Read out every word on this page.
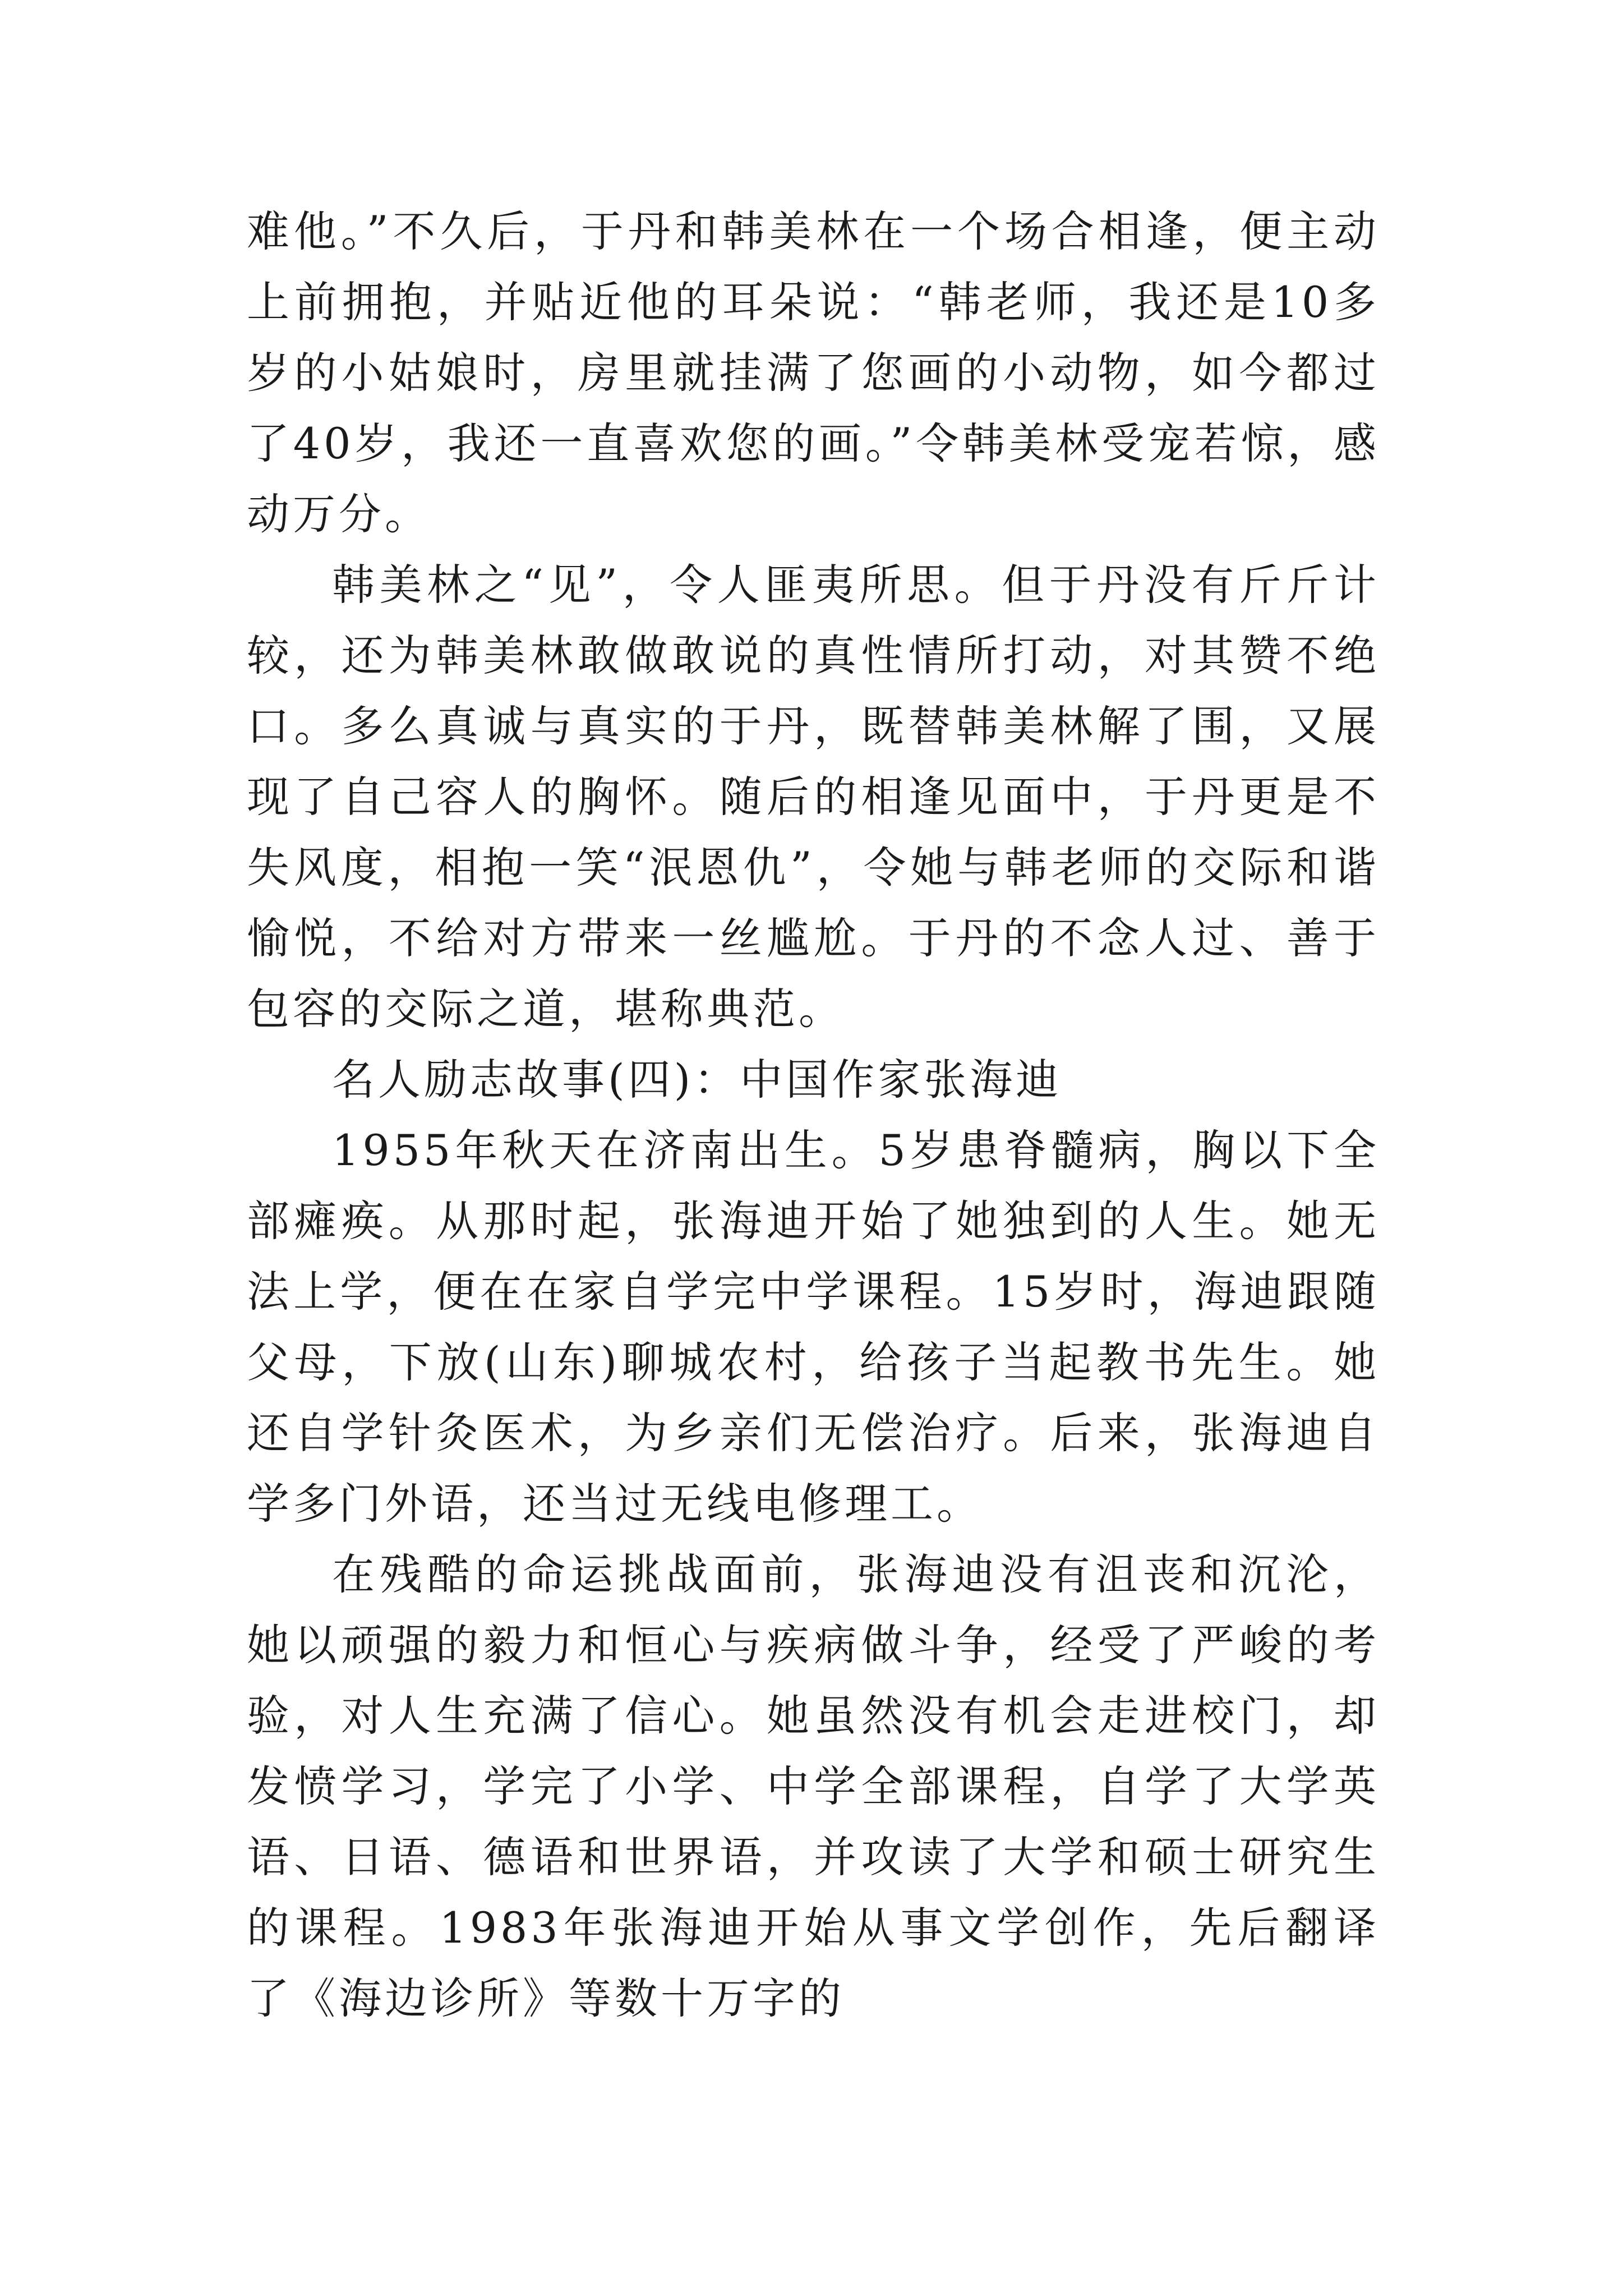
难他。”不久后，于丹和韩美林在一个场合相逢，便主动上前拥抱，并贴近他的耳朵说：“韩老师，我还是10多岁的小姑娘时，房里就挂满了您画的小动物，如今都过了40岁，我还一直喜欢您的画。”令韩美林受宠若惊，感动万分。

韩美林之“见”，令人匪夷所思。但于丹没有斤斤计较，还为韩美林敢做敢说的真性情所打动，对其赞不绝口。多么真诚与真实的于丹，既替韩美林解了围，又展现了自己容人的胸怀。随后的相逢见面中，于丹更是不失风度，相抱一笑“泯恩仇”，令她与韩老师的交际和谐愉悦，不给对方带来一丝尴尬。于丹的不念人过、善于包容的交际之道，堪称典范。

名人励志故事(四)：中国作家张海迪

1955年秋天在济南出生。5岁患脊髓病，胸以下全部瘫痪。从那时起，张海迪开始了她独到的人生。她无法上学，便在在家自学完中学课程。15岁时，海迪跟随父母，下放(山东)聊城农村，给孩子当起教书先生。她还自学针灸医术，为乡亲们无偿治疗。后来，张海迪自学多门外语，还当过无线电修理工。

在残酷的命运挑战面前，张海迪没有沮丧和沉沦，她以顽强的毅力和恒心与疾病做斗争，经受了严峻的考验，对人生充满了信心。她虽然没有机会走进校门，却发愤学习，学完了小学、中学全部课程，自学了大学英语、日语、德语和世界语，并攻读了大学和硕士研究生的课程。1983年张海迪开始从事文学创作，先后翻译了《海边诊所》等数十万字的
